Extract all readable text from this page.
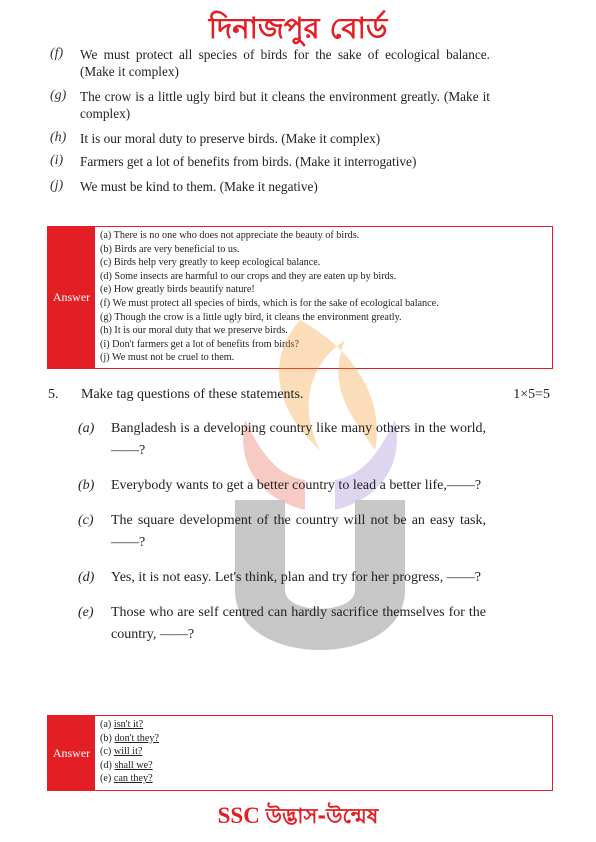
দিনাজপুর বোর্ড
(f) We must protect all species of birds for the sake of ecological balance. (Make it complex)
(g) The crow is a little ugly bird but it cleans the environment greatly. (Make it complex)
(h) It is our moral duty to preserve birds. (Make it complex)
(i) Farmers get a lot of benefits from birds. (Make it interrogative)
(j) We must be kind to them. (Make it negative)
Answer
(a) There is no one who does not appreciate the beauty of birds.
(b) Birds are very beneficial to us.
(c) Birds help very greatly to keep ecological balance.
(d) Some insects are harmful to our crops and they are eaten up by birds.
(e) How greatly birds beautify nature!
(f) We must protect all species of birds, which is for the sake of ecological balance.
(g) Though the crow is a little ugly bird, it cleans the environment greatly.
(h) It is our moral duty that we preserve birds.
(i) Don't farmers get a lot of benefits from birds?
(j) We must not be cruel to them.
5. Make tag questions of these statements.	1×5=5
(a) Bangladesh is a developing country like many others in the world, ——?
(b) Everybody wants to get a better country to lead a better life,——?
(c) The square development of the country will not be an easy task,——?
(d) Yes, it is not easy. Let's think, plan and try for her progress, ——?
(e) Those who are self centred can hardly sacrifice themselves for the country, ——?
Answer
(a) isn't it?
(b) don't they?
(c) will it?
(d) shall we?
(e) can they?
SSC উদ্ভাস-উন্মেষ
